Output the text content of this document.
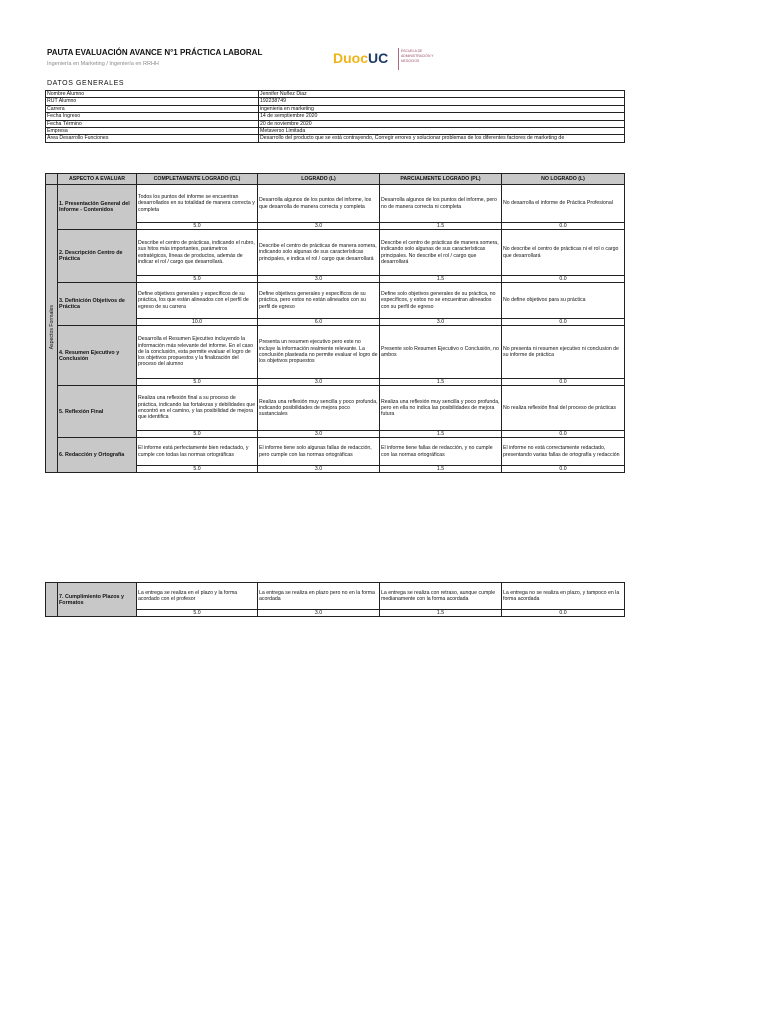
PAUTA EVALUACIÓN AVANCE N°1 PRÁCTICA LABORAL
Ingeniería en Marketing / Ingeniería en RRHH	DuocUC	ESCUELA DE ADMINISTRACIÓN Y NEGOCIOS
DATOS GENERALES
Nombre Alumno	Jennifer Nuñez Diaz
RUT Alumno	192238749
Carrera	ingenieria en marketing
Fecha Ingreso	14 de semptiembre 2020
Fecha Término	20 de noviembre 2020
Empresa	Metaverso Limitada
Área Desarrollo Funciones	Desarrollo del producto que se está contrayendo, Corregir errores y solucionar problemas de los diferentes factores de marketing de
	ASPECTO A EVALUAR	COMPLETAMENTE LOGRADO (CL)	LOGRADO (L)	PARCIALMENTE LOGRADO (PL)	NO LOGRADO (L)
Aspectos Formales	1. Presentación General del Informe - Contenidos	Todos los puntos del informe se encuentran desarrollados en su totalidad de manera correcta y completa	Desarrolla algunos de los puntos del informe, los que desarrolla de manera correcta y completa	Desarrolla algunos de los puntos del informe, pero no de manera correcta ni completa	No desarrolla el informe de Práctica Profesional
		5.0	3.0	1.5	0.0
	2. Descripción Centro de Práctica	Describe el centro de prácticas, indicando el rubro, sus hitos más importantes, parámetros estratégicos, líneas de productos, además de indicar el rol / cargo que desarrollará.	Describe el centro de prácticas de manera somera, indicando solo algunas de sus características principales, e indica el rol / cargo que desarrollará	Describe el centro de prácticas de manera somera, indicando solo algunas de sus características principales. No describe el rol / cargo que desarrollará	No describe el centro de prácticas ni el rol o cargo que desarrollará
		5.0	3.0	1.5	0.0
	3. Definición Objetivos de Práctica	Define objetivos generales y específicos de su práctica, los que están alineados con el perfil de egreso de su carrera	Define objetivos generales y específicos de su práctica, pero estos no están alineados con su perfil de egreso	Define solo objetivos generales de su práctica, no específicos, y estos no se encuentran alineados con su perfil de egreso	No define objetivos para su práctica
		10.0	6.0	3.0	0.0
	4. Resumen Ejecutivo y Conclusión	Desarrolla el Resumen Ejecutivo incluyendo la información más relevante del informe. En el caso de la conclusión, esta permite evaluar el logro de los objetivos propuestos y la finalización del proceso del alumno	Presenta un resumen ejecutivo pero este no incluye la información realmente relevante. La conclusión plasteada no permite evaluar el logro de los objetivos propuestos	Presente solo Resumen Ejecutivo o Conclusión, no ambos	No presenta ni resumen ejecutivo ni conclusion de su informe de práctica
		5.0	3.0	1.5	0.0
	5. Reflexión Final	Realiza una reflexión final a su proceso de práctica, indicando las fortalezas y debilidades que encontró en el camino, y las posibilidad de mejora que identifica	Realiza una reflexión muy sencilla y poco profunda, indicando posibilidades de mejora poco sustanciales	Realiza una reflexión muy sencilla y poco profunda, pero en ella no indica las posibilidades de mejora futura	No realiza reflexión final del proceso de prácticas
		5.0	3.0	1.5	0.0
	6. Redacción y Ortografía	El informe está perfectamente bien redactado, y cumple con todas las normas ortográficas	El informe tiene solo algunas fallas de redacción, pero cumple con las normas ortográficas	El informe tiene fallas de redacción, y no cumple con las normas ortográficas	El informe no está correctamente redactado, presentando varias fallas de ortografía y redacción
		5.0	3.0	1.5	0.0
	7. Cumplimiento Plazos y Formatos	La entrega se realiza en el plazo y la forma acordado con el profesor	La entrega se realiza en plazo pero no en la forma acordada	La entrega se realiza con retraso, aunque cumple medianamente con la forma acordada	La entrega no se realiza en plazo, y tampoco en la forma acordada
		5.0	3.0	1.5	0.0
